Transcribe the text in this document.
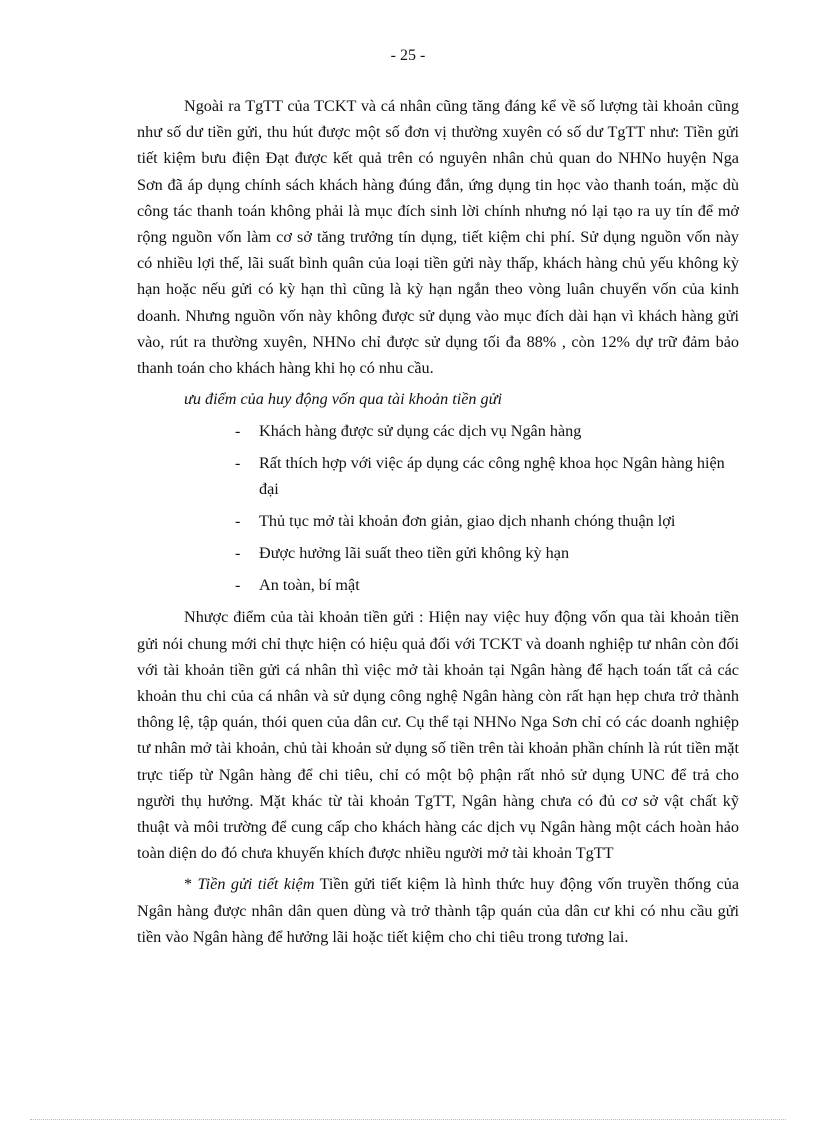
- 25 -

Ngoài ra TgTT của TCKT và cá nhân cũng tăng đáng kể về số lượng tài khoản cũng như số dư tiền gửi, thu hút được một số đơn vị thường xuyên có số dư TgTT như: Tiền gửi tiết kiệm bưu điện Đạt được kết quả trên có nguyên nhân chủ quan do NHNo huyện Nga Sơn đã áp dụng chính sách khách hàng đúng đắn, ứng dụng tin học vào thanh toán, mặc dù công tác thanh toán không phải là mục đích sinh lời chính nhưng nó lại tạo ra uy tín để mở rộng nguồn vốn làm cơ sở tăng trưởng tín dụng, tiết kiệm chi phí. Sử dụng nguồn vốn này có nhiều lợi thế, lãi suất bình quân của loại tiền gửi này thấp, khách hàng chủ yếu không kỳ hạn hoặc nếu gửi có kỳ hạn thì cũng là kỳ hạn ngắn theo vòng luân chuyển vốn của kinh doanh. Nhưng nguồn vốn này không được sử dụng vào mục đích dài hạn vì khách hàng gửi vào, rút ra thường xuyên, NHNo chỉ được sử dụng tối đa 88% , còn 12% dự trữ đảm bảo thanh toán cho khách hàng khi họ có nhu cầu.

ưu điểm của huy động vốn qua tài khoản tiền gửi

- Khách hàng được sử dụng các dịch vụ Ngân hàng
- Rất thích hợp với việc áp dụng các công nghệ khoa học Ngân hàng hiện đại
- Thủ tục mở tài khoản đơn giản, giao dịch nhanh chóng thuận lợi
- Được hưởng lãi suất theo tiền gửi không kỳ hạn
- An toàn, bí mật

Nhược điểm của tài khoản tiền gửi : Hiện nay việc huy động vốn qua tài khoản tiền gửi nói chung mới chỉ thực hiện có hiệu quả đối với TCKT và doanh nghiệp tư nhân còn đối với tài khoản tiền gửi cá nhân thì việc mở tài khoản tại Ngân hàng để hạch toán tất cả các khoản thu chi của cá nhân và sử dụng công nghệ Ngân hàng còn rất hạn hẹp chưa trở thành thông lệ, tập quán, thói quen của dân cư. Cụ thể tại NHNo Nga Sơn chỉ có các doanh nghiệp tư nhân mở tài khoản, chủ tài khoản sử dụng số tiền trên tài khoản phần chính là rút tiền mặt trực tiếp từ Ngân hàng để chi tiêu, chỉ có một bộ phận rất nhỏ sử dụng UNC để trả cho người thụ hưởng. Mặt khác từ tài khoản TgTT, Ngân hàng chưa có đủ cơ sở vật chất kỹ thuật và môi trường để cung cấp cho khách hàng các dịch vụ Ngân hàng một cách hoàn hảo toàn diện do đó chưa khuyến khích được nhiều người mở tài khoản TgTT

* Tiền gửi tiết kiệm Tiền gửi tiết kiệm là hình thức huy động vốn truyền thống của Ngân hàng được nhân dân quen dùng và trở thành tập quán của dân cư khi có nhu cầu gửi tiền vào Ngân hàng để hưởng lãi hoặc tiết kiệm cho chi tiêu trong tương lai.
